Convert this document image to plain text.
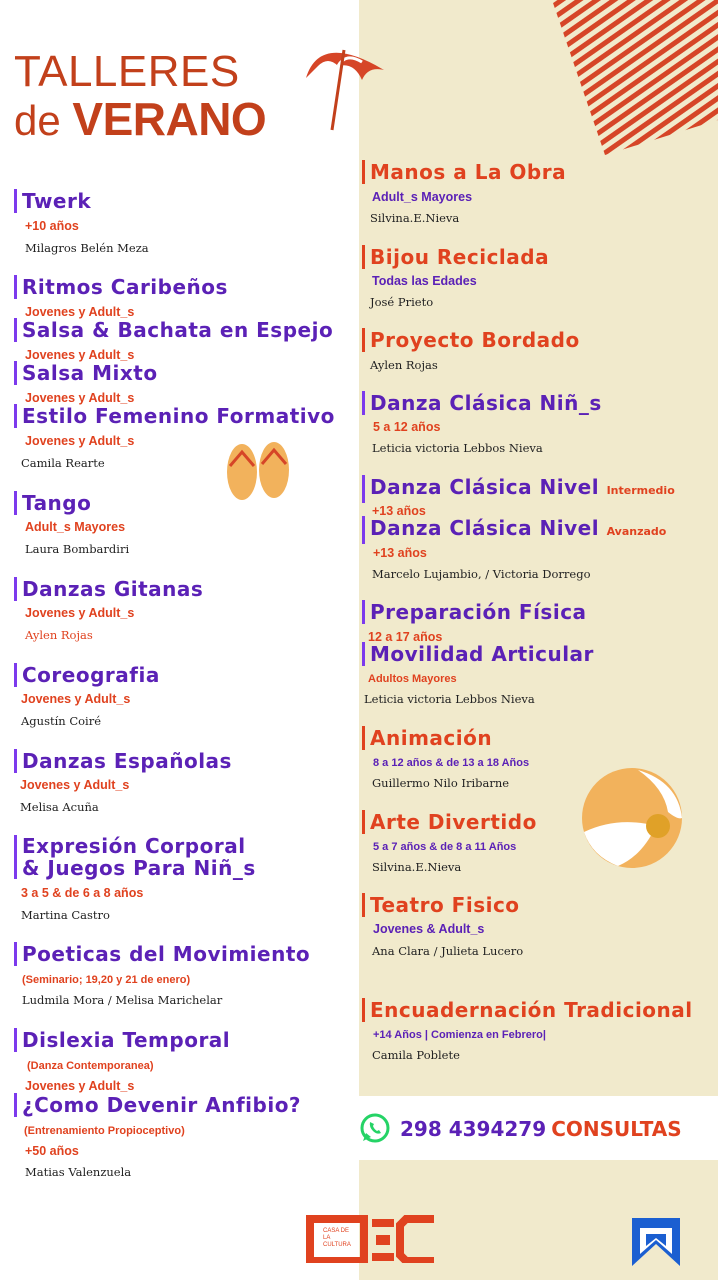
TALLERES
de VERANO
Twerk
+10 años
Milagros Belén Meza
Ritmos Caribeños
Jovenes y Adult_s
Salsa & Bachata en Espejo
Jovenes y Adult_s
Salsa Mixto
Jovenes y Adult_s
Estilo Femenino Formativo
Jovenes y Adult_s
Camila Rearte
Tango
Adult_s Mayores
Laura Bombardiri
Danzas Gitanas
Jovenes y Adult_s
Aylen Rojas
Coreografia
Jovenes y Adult_s
Agustín Coiré
Danzas Españolas
Jovenes y Adult_s
Melisa Acuña
Expresión Corporal
& Juegos Para Niñ_s
3 a 5 & de 6 a 8 años
Martina Castro
Poeticas del Movimiento
(Seminario; 19,20 y 21 de enero)
Ludmila Mora / Melisa Marichelar
Dislexia Temporal
(Danza Contemporanea)
Jovenes y Adult_s
¿Como Devenir Anfibio?
(Entrenamiento Propioceptivo)
+50 años
Matias Valenzuela
Manos a La Obra
Adult_s Mayores
Silvina.E.Nieva
Bijou Reciclada
Todas las Edades
José Prieto
Proyecto Bordado
Aylen Rojas
Danza Clásica Niñ_s
5 a 12 años
Leticia victoria Lebbos Nieva
Danza Clásica Nivel Intermedio
+13 años
Danza Clásica Nivel Avanzado
+13 años
Marcelo Lujambio, / Victoria Dorrego
Preparación Física
12 a 17 años
Movilidad Articular
Adultos Mayores
Leticia victoria Lebbos Nieva
Animación
8 a 12 años & de 13 a 18 Años
Guillermo Nilo Iribarne
Arte Divertido
5 a 7 años & de 8 a 11 Años
Silvina.E.Nieva
Teatro Fisico
Jovenes & Adult_s
Ana Clara / Julieta Lucero
Encuadernación Tradicional
+14 Años | Comienza en Febrero|
Camila Poblete
298 4394279 CONSULTAS
CASA DE LA CULTURA
